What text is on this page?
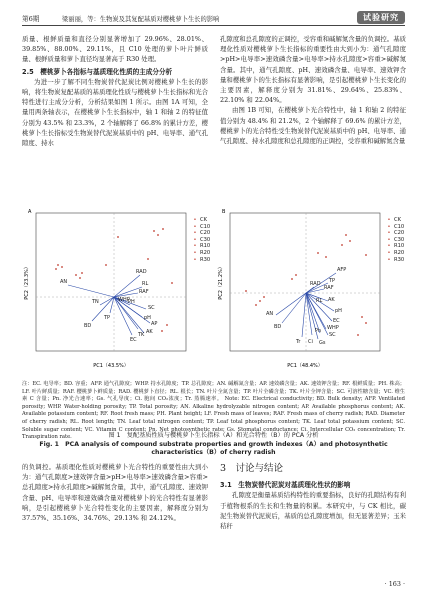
第6期	梁丽丽，等：生物炭及其复配基质对樱桃萝卜生长的影响	试验研究

质量、根鲜质量和直径分别显著增加了 29.96%、28.01%、39.85%、88.00%、29.11%，且 C10 处理的萝卜叶片鲜质量、根鲜质量和萝卜直径均显著高于 R30 处理。

2.5　樱桃萝卜各指标与基质理化性质的主成分分析

为进一步了解不同生物炭替代泥炭比例对樱桃萝卜生长的影响，将生物炭复配基质的基质理化性质与樱桃萝卜生长指标和光合特性进行主成分分析，分析结果如图 1 所示。由图 1A 可知，全量用两条轴表示，在樱桃萝卜生长指标中，轴 1 和轴 2 的特征值分别为 43.5% 和 23.3%，2 个轴解释了 66.8% 的累计方差，樱桃萝卜生长指标受生物炭替代泥炭基质中的 pH、电导率、通气孔隙度、持水

孔隙度和总孔隙度的正调控，受容重和碱解氮含量的负调控。基质理化性质对樱桃萝卜生长指标的重要性由大到小为：通气孔隙度>pH>电导率>速效磷含量>电导率>持水孔隙度>容重>碱解氮含量。其中，通气孔隙度、pH、速效磷含量、电导率、速效钾含量和樱桃萝卜的生长指标有显著影响，是引起樱桃萝卜生长变化的主要因素，解释度分别为 31.81%、29.64%、25.83%、22.10% 和 22.04%。

由图 1B 可知，在樱桃萝卜光合特性中，轴 1 和轴 2 的特征值分别为 48.4% 和 21.2%，2 个轴解释了 69.6% 的累计方差，樱桃萝卜的光合特性受生物炭替代泥炭基质中的 pH、电导率、通气孔隙度、持水孔隙度和总孔隙度的正调控，受容重和碱解氮含量

A
AN
BD
TN
TP
RAD
RL
RAF
WHP
PH
SC
pH
AP
EC
TK AK
PC1（43.5%）
PC2（23.3%）
• CK
• C10
• C20
• C30
• R10
• R20
• R30
B
AFP
TP
RAD
RAF
RL AK
AN
BD
pH
EC
WHP
Pn
Ci Gs
Tr
SC
PC1（48.4%）
PC2（21.2%）
• CK
• C10
• C20
• C30
• R10
• R20
• R30
注：EC. 电导率；BD. 容重；AFP. 通气孔隙度；WHP. 持水孔隙度；TP. 总孔隙度；AN. 碱解氮含量；AP. 速效磷含量；AK. 速效钾含量；RF. 根鲜质量；PH. 株高；LF. 叶片鲜质量；RAF. 樱桃萝卜鲜质量；RAD. 樱桃萝卜直径；RL. 根长；TN. 叶片全氮含量；TP. 叶片全磷含量；TK. 叶片全钾含量；SC. 可溶性糖含量；VC. 维生素 C 含量；Pn. 净光合速率；Gs. 气孔导度；Ci. 胞间 CO₂浓度；Tr. 蒸腾速率。 Note: EC. Electrical conductivity; BD. Bulk density; AFP. Ventilated porosity; WHP. Water-holding porosity; TP. Total porosity; AN. Alkaline hydrolyzable nitrogen content; AP. Available phosphorus content; AK. Available potassium content; RF. Root fresh mass; PH. Plant height; LF. Fresh mass of leaves; RAF. Fresh mass of cherry radish; RAD. Diameter of cherry radish; RL. Root length; TN. Leaf total nitrogen content; TP. Leaf total phosphorus content; TK. Leaf total potassium content; SC. Soluble sugar content; VC. Vitamin C content; Pn. Net photosynthetic rate; Gs. Stomatal conductance; Ci. Intercellular CO₂ concentration; Tr. Transpiration rate.	图 1　复配基质性质与樱桃萝卜生长指标（A）和光合特性（B）的 PCA 分析
Fig. 1　PCA analysis of compound substrate properties and growth indexes（A）and photosynthetic characteristics（B）of cherry radish

的负调控。基质理化性质对樱桃萝卜光合特性的重要性由大到小为：通气孔隙度>速效钾含量>pH>电导率>速效磷含量>容重>总孔隙度>持水孔隙度>碱解氮含量，其中，通气孔隙度、速效钾含量、pH、电导率和速效磷含量对樱桃萝卜的光合特性有显著影响，是引起樱桃萝卜光合特性变化的主要因素，解释度分别为 37.57%、35.16%、34.76%、29.13% 和 24.12%。

3　讨论与结论
3.1　生物炭替代泥炭对基质理化性状的影响

孔隙度是衡量基质结构特性的重要指标，良好的孔隙结构有利于植物根系的生长和生物量的积累。本研究中，与 CK 相比，碳泥生物炭替代泥炭后，基质的总孔隙度增加，但无显著差异；玉米秸秆

· 163 ·
